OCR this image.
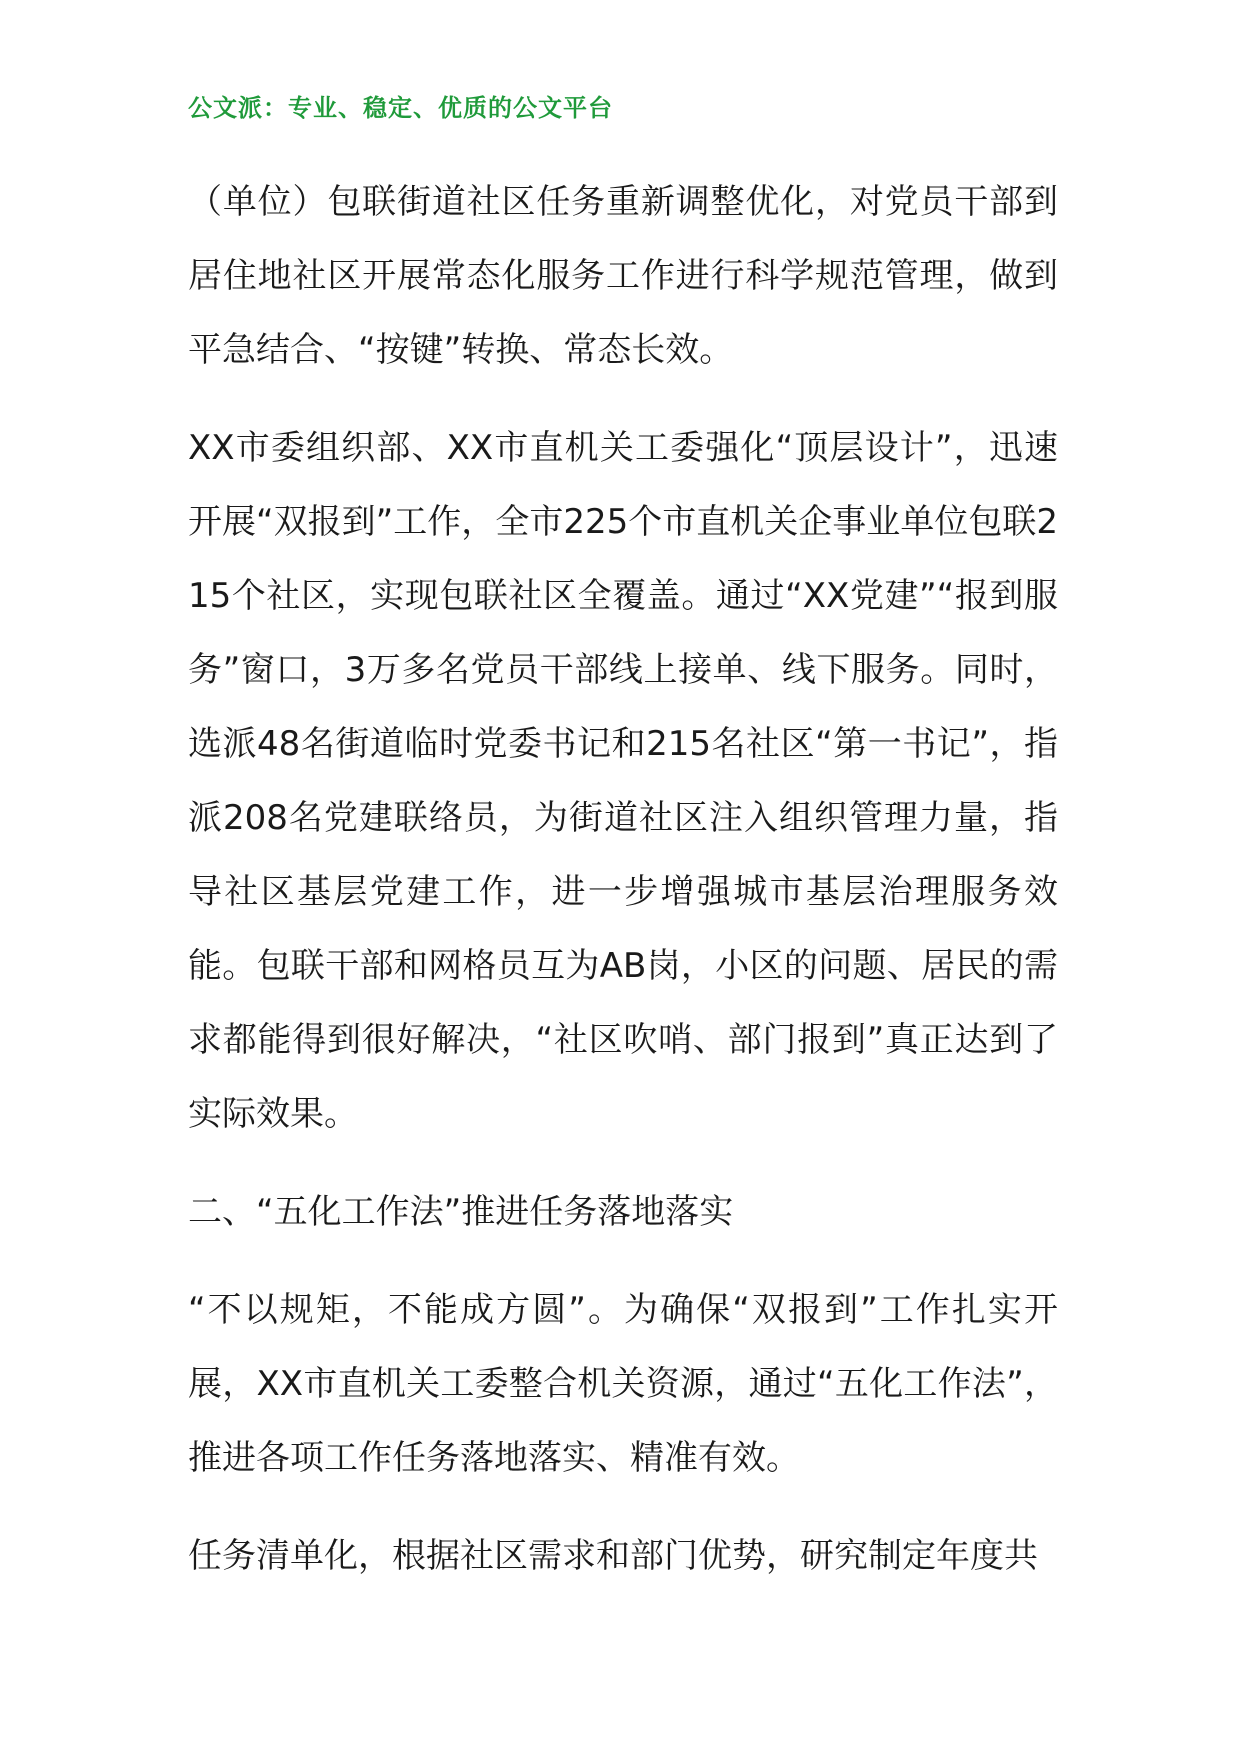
公文派：专业、稳定、优质的公文平台

（单位）包联街道社区任务重新调整优化，对党员干部到居住地社区开展常态化服务工作进行科学规范管理，做到平急结合、“按键”转换、常态长效。

XX市委组织部、XX市直机关工委强化“顶层设计”，迅速开展“双报到”工作，全市225个市直机关企事业单位包联215个社区，实现包联社区全覆盖。通过“XX党建”“报到服务”窗口，3万多名党员干部线上接单、线下服务。同时，选派48名街道临时党委书记和215名社区“第一书记”，指派208名党建联络员，为街道社区注入组织管理力量，指导社区基层党建工作，进一步增强城市基层治理服务效能。包联干部和网格员互为AB岗，小区的问题、居民的需求都能得到很好解决，“社区吹哨、部门报到”真正达到了实际效果。

二、“五化工作法”推进任务落地落实

“不以规矩，不能成方圆”。为确保“双报到”工作扎实开展，XX市直机关工委整合机关资源，通过“五化工作法”，推进各项工作任务落地落实、精准有效。

任务清单化，根据社区需求和部门优势，研究制定年度共
